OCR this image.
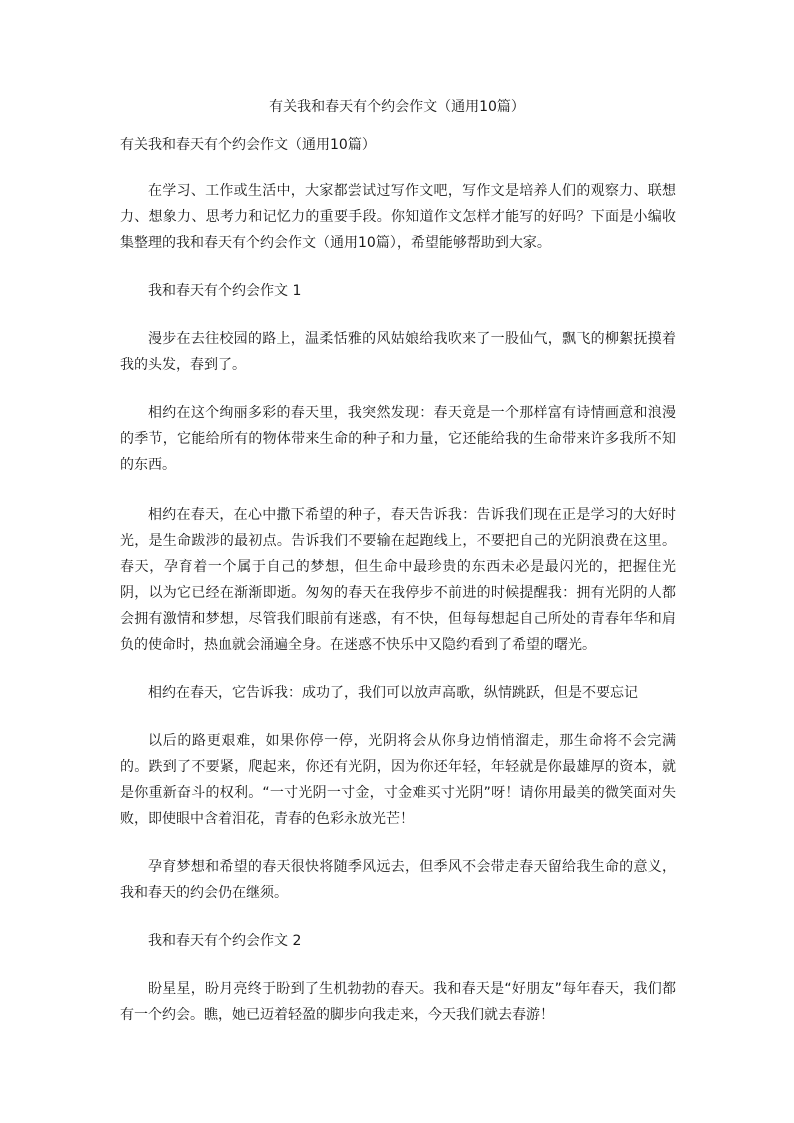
有关我和春天有个约会作文（通用10篇）
有关我和春天有个约会作文（通用10篇）

在学习、工作或生活中，大家都尝试过写作文吧，写作文是培养人们的观察力、联想力、想象力、思考力和记忆力的重要手段。你知道作文怎样才能写的好吗？下面是小编收集整理的我和春天有个约会作文（通用10篇），希望能够帮助到大家。

我和春天有个约会作文 1

漫步在去往校园的路上，温柔恬雅的风姑娘给我吹来了一股仙气，飘飞的柳絮抚摸着我的头发，春到了。

相约在这个绚丽多彩的春天里，我突然发现：春天竟是一个那样富有诗情画意和浪漫的季节，它能给所有的物体带来生命的种子和力量，它还能给我的生命带来许多我所不知的东西。

相约在春天，在心中撒下希望的种子，春天告诉我：告诉我们现在正是学习的大好时光，是生命跋涉的最初点。告诉我们不要输在起跑线上，不要把自己的光阴浪费在这里。春天，孕育着一个属于自己的梦想，但生命中最珍贵的东西未必是最闪光的，把握住光阴，以为它已经在渐渐即逝。匆匆的春天在我停步不前进的时候提醒我：拥有光阴的人都会拥有激情和梦想，尽管我们眼前有迷惑，有不快，但每每想起自己所处的青春年华和肩负的使命时，热血就会涌遍全身。在迷惑不快乐中又隐约看到了希望的曙光。

相约在春天，它告诉我：成功了，我们可以放声高歌，纵情跳跃，但是不要忘记

以后的路更艰难，如果你停一停，光阴将会从你身边悄悄溜走，那生命将不会完满的。跌到了不要紧，爬起来，你还有光阴，因为你还年轻，年轻就是你最雄厚的资本，就是你重新奋斗的权利。“一寸光阴一寸金，寸金难买寸光阴”呀！请你用最美的微笑面对失败，即使眼中含着泪花，青春的色彩永放光芒！

孕育梦想和希望的春天很快将随季风远去，但季风不会带走春天留给我生命的意义，我和春天的约会仍在继须。

我和春天有个约会作文 2

盼星星，盼月亮终于盼到了生机勃勃的春天。我和春天是“好朋友”每年春天，我们都有一个约会。瞧，她已迈着轻盈的脚步向我走来，今天我们就去春游！
